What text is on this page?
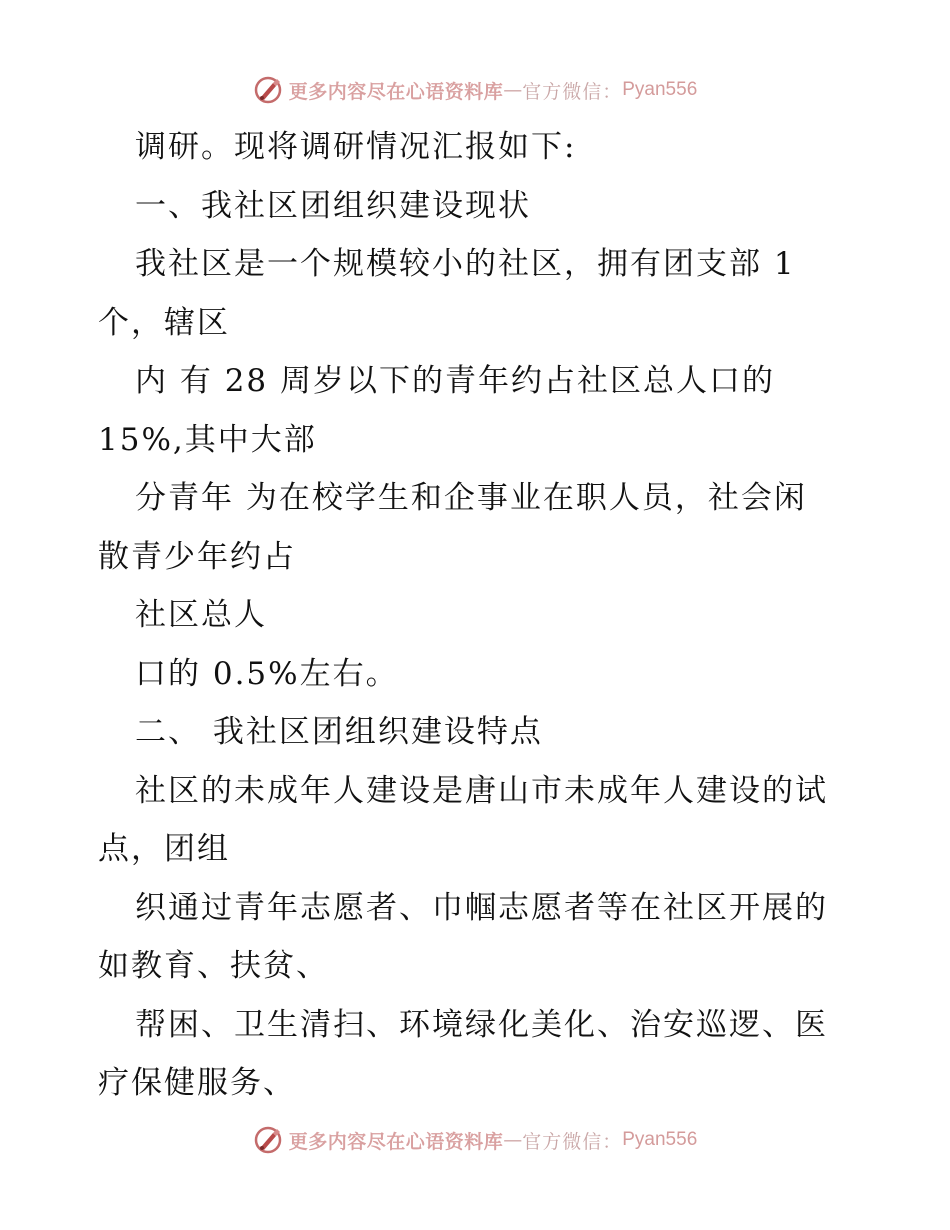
更多内容尽在心语资料库 — 官方微信： Pyan556
调研。现将调研情况汇报如下:
一、我社区团组织建设现状
我社区是一个规模较小的社区，拥有团支部 1
个，辖区
内 有 28 周岁以下的青年约占社区总人口的
15%,其中大部
分青年 为在校学生和企事业在职人员，社会闲
散青少年约占
社区总人
口的 0.5%左右。
二、 我社区团组织建设特点
社区的未成年人建设是唐山市未成年人建设的试
点，团组
织通过青年志愿者、巾帼志愿者等在社区开展的
如教育、扶贫、
帮困、卫生清扫、环境绿化美化、治安巡逻、医
疗保健服务、
更多内容尽在心语资料库 — 官方微信： Pyan556
